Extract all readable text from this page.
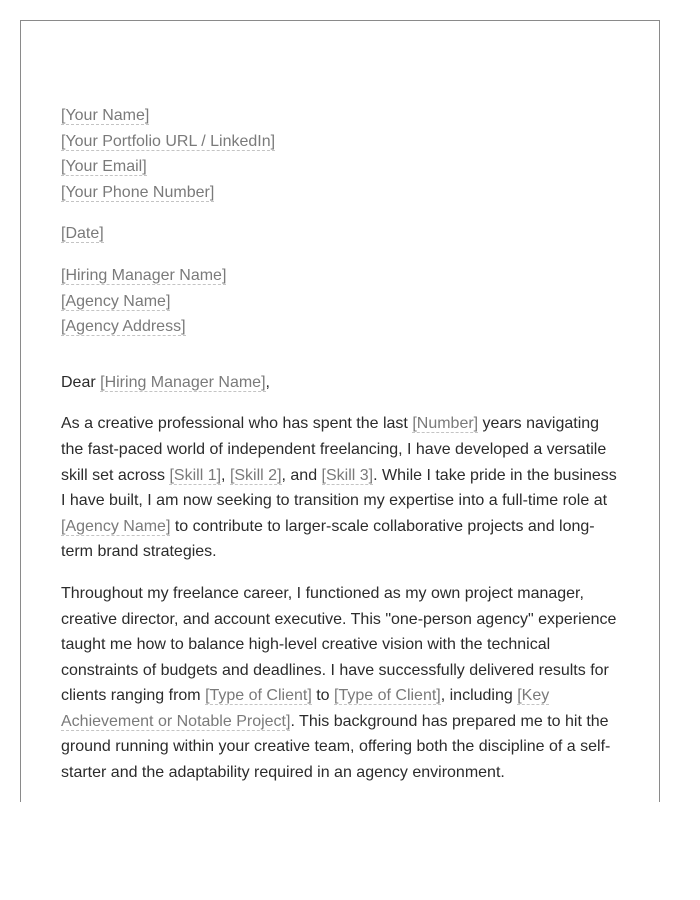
[Your Name]
[Your Portfolio URL / LinkedIn]
[Your Email]
[Your Phone Number]
[Date]
[Hiring Manager Name]
[Agency Name]
[Agency Address]

Dear [Hiring Manager Name],

As a creative professional who has spent the last [Number] years navigating the fast-paced world of independent freelancing, I have developed a versatile skill set across [Skill 1], [Skill 2], and [Skill 3]. While I take pride in the business I have built, I am now seeking to transition my expertise into a full-time role at [Agency Name] to contribute to larger-scale collaborative projects and long-term brand strategies.

Throughout my freelance career, I functioned as my own project manager, creative director, and account executive. This "one-person agency" experience taught me how to balance high-level creative vision with the technical constraints of budgets and deadlines. I have successfully delivered results for clients ranging from [Type of Client] to [Type of Client], including [Key Achievement or Notable Project]. This background has prepared me to hit the ground running within your creative team, offering both the discipline of a self-starter and the adaptability required in an agency environment.
